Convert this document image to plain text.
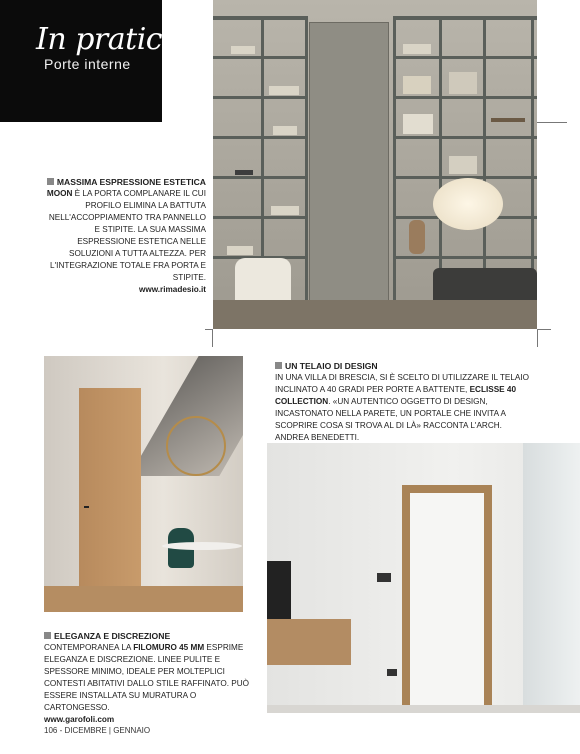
In pratica
Porte interne
MASSIMA ESPRESSIONE ESTETICA
MOON È LA PORTA COMPLANARE IL CUI PROFILO ELIMINA LA BATTUTA NELL'ACCOPPIAMENTO TRA PANNELLO E STIPITE. LA SUA MASSIMA ESPRESSIONE ESTETICA NELLE SOLUZIONI A TUTTA ALTEZZA. PER L'INTEGRAZIONE TOTALE FRA PORTA E STIPITE.
www.rimadesio.it
UN TELAIO DI DESIGN
IN UNA VILLA DI BRESCIA, SI È SCELTO DI UTILIZZARE IL TELAIO INCLINATO A 40 GRADI PER PORTE A BATTENTE, ECLISSE 40 COLLECTION. «UN AUTENTICO OGGETTO DI DESIGN, INCASTONATO NELLA PARETE, UN PORTALE CHE INVITA A SCOPRIRE COSA SI TROVA AL DI LÀ» RACCONTA L'ARCH. ANDREA BENEDETTI.
ELEGANZA E DISCREZIONE
CONTEMPORANEA LA FILOMURO 45 MM ESPRIME ELEGANZA E DISCREZIONE. LINEE PULITE E SPESSORE MINIMO, IDEALE PER MOLTEPLICI CONTESTI ABITATIVI DALLO STILE RAFFINATO. PUÒ ESSERE INSTALLATA SU MURATURA O CARTONGESSO.
www.garofoli.com
106 - DICEMBRE | GENNAIO
